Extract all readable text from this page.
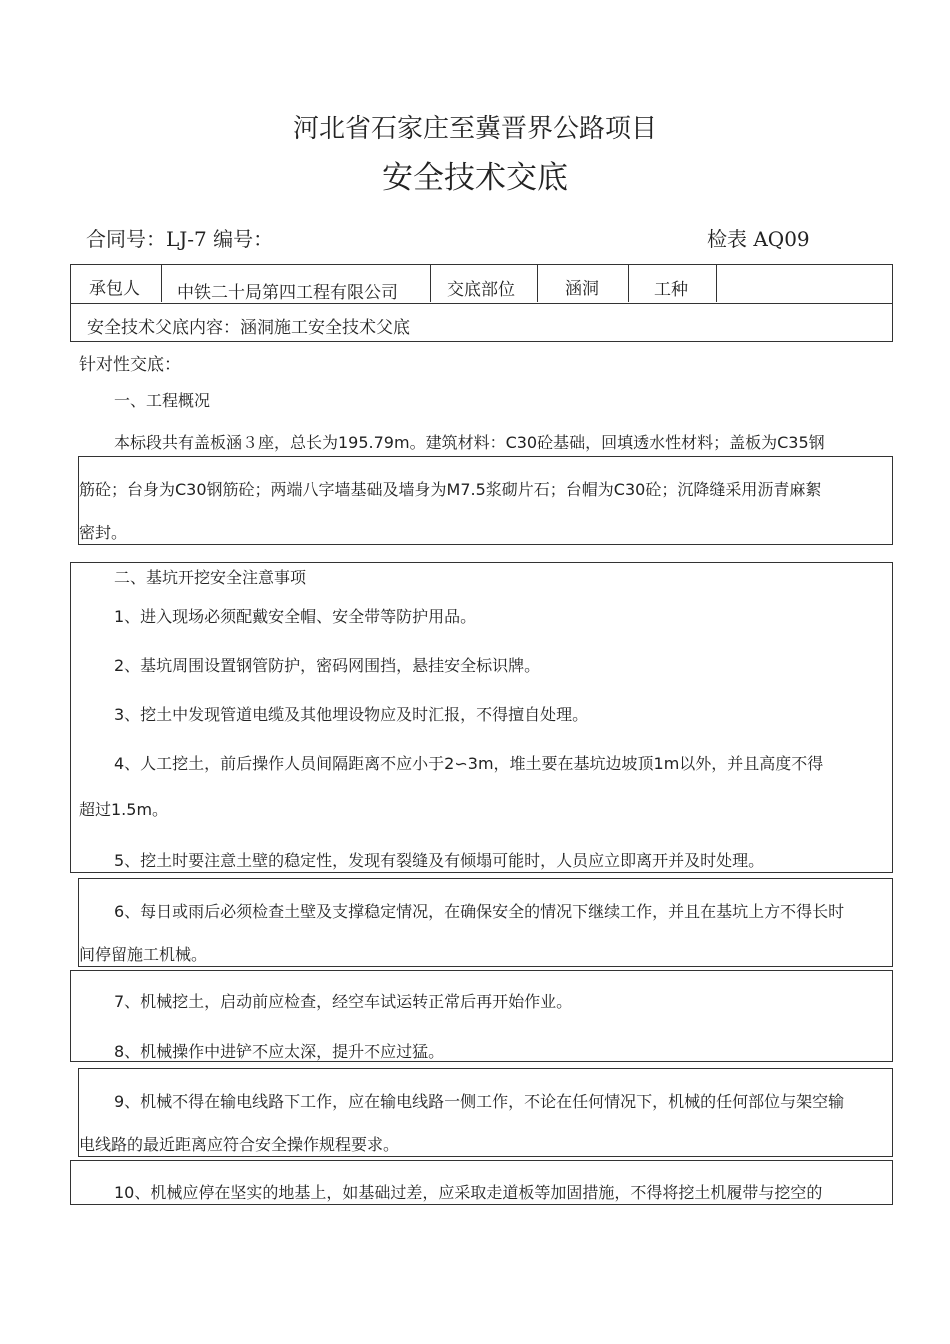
河北省石家庄至冀晋界公路项目
安全技术交底
合同号：LJ-7 编号：	检表 AQ09
承包人 中铁二十局第四工程有限公司	交底部位	涵洞	工种
安全技术父底内容：涵洞施工安全技术父底
针对性交底：
一、工程概况
本标段共有盖板涵３座，总长为195.79m。建筑材料：C30砼基础，回填透水性材料；盖板为C35钢
筋砼；台身为C30钢筋砼；两端八字墙基础及墙身为M7.5浆砌片石；台帽为C30砼；沉降缝采用沥青麻絮
密封。
二、基坑开挖安全注意事项
1、进入现场必须配戴安全帽、安全带等防护用品。
2、基坑周围设置钢管防护，密码网围挡，悬挂安全标识牌。
3、挖土中发现管道电缆及其他埋设物应及时汇报，不得擅自处理。
4、人工挖土，前后操作人员间隔距离不应小于2∽3m，堆土要在基坑边坡顶1m以外，并且高度不得
超过1.5m。
5、挖土时要注意土壁的稳定性，发现有裂缝及有倾塌可能时，人员应立即离开并及时处理。
6、每日或雨后必须检查土壁及支撑稳定情况，在确保安全的情况下继续工作，并且在基坑上方不得长时
间停留施工机械。
7、机械挖土，启动前应检查，经空车试运转正常后再开始作业。
8、机械操作中进铲不应太深，提升不应过猛。
9、机械不得在输电线路下工作，应在输电线路一侧工作，不论在任何情况下，机械的任何部位与架空输
电线路的最近距离应符合安全操作规程要求。
10、机械应停在坚实的地基上，如基础过差，应采取走道板等加固措施，不得将挖土机履带与挖空的
